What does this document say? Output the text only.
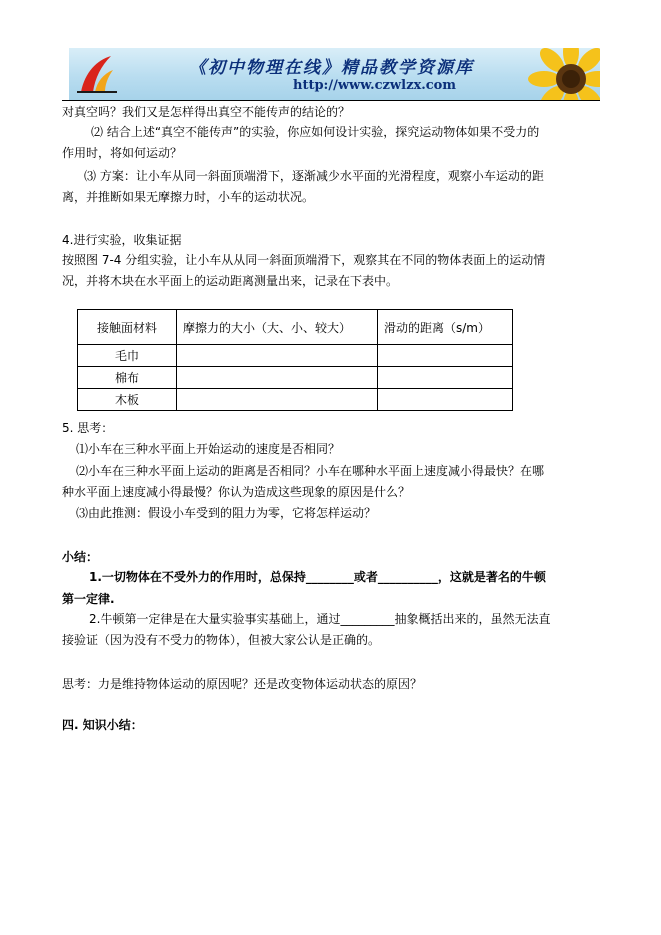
《初中物理在线》精品教学资源库
http://www.czwlzx.com
对真空吗？我们又是怎样得出真空不能传声的结论的？
⑵ 结合上述“真空不能传声”的实验，你应如何设计实验，探究运动物体如果不受力的
作用时，将如何运动？
⑶ 方案：让小车从同一斜面顶端滑下，逐渐减少水平面的光滑程度，观察小车运动的距
离，并推断如果无摩擦力时，小车的运动状况。
4.进行实验，收集证据
按照图 7-4 分组实验，让小车从从同一斜面顶端滑下，观察其在不同的物体表面上的运动情
况，并将木块在水平面上的运动距离测量出来，记录在下表中。
接触面材料	摩擦力的大小（大、小、较大）	滑动的距离（s/m）
毛巾		
棉布		
木板		
5. 思考：
⑴小车在三种水平面上开始运动的速度是否相同？
⑵小车在三种水平面上运动的距离是否相同？小车在哪种水平面上速度减小得最快？在哪
种水平面上速度减小得最慢？你认为造成这些现象的原因是什么？
⑶由此推测：假设小车受到的阻力为零，它将怎样运动？
小结：
1.一切物体在不受外力的作用时，总保持________或者__________，这就是著名的牛顿
第一定律.
2.牛顿第一定律是在大量实验事实基础上，通过_________抽象概括出来的，虽然无法直
接验证（因为没有不受力的物体），但被大家公认是正确的。
思考：力是维持物体运动的原因呢？还是改变物体运动状态的原因？
四. 知识小结：
